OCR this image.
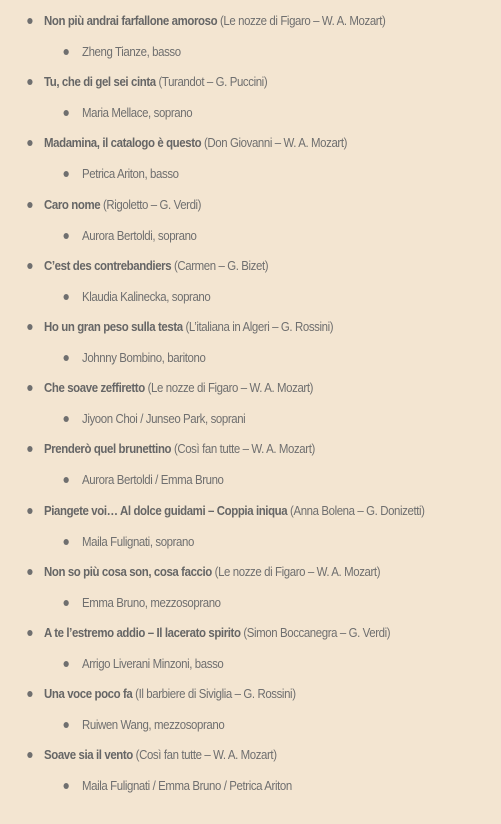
Non più andrai farfallone amoroso (Le nozze di Figaro – W. A. Mozart)
Zheng Tianze, basso
Tu, che di gel sei cinta (Turandot – G. Puccini)
Maria Mellace, soprano
Madamina, il catalogo è questo (Don Giovanni – W. A. Mozart)
Petrica Ariton, basso
Caro nome (Rigoletto – G. Verdi)
Aurora Bertoldi, soprano
C’est des contrebandiers (Carmen – G. Bizet)
Klaudia Kalinecka, soprano
Ho un gran peso sulla testa (L’italiana in Algeri – G. Rossini)
Johnny Bombino, baritono
Che soave zeffiretto (Le nozze di Figaro – W. A. Mozart)
Jiyoon Choi / Junseo Park, soprani
Prenderò quel brunettino (Così fan tutte – W. A. Mozart)
Aurora Bertoldi / Emma Bruno
Piangete voi… Al dolce guidami – Coppia iniqua (Anna Bolena – G. Donizetti)
Maila Fulignati, soprano
Non so più cosa son, cosa faccio (Le nozze di Figaro – W. A. Mozart)
Emma Bruno, mezzosoprano
A te l’estremo addio – Il lacerato spirito (Simon Boccanegra – G. Verdi)
Arrigo Liverani Minzoni, basso
Una voce poco fa (Il barbiere di Siviglia – G. Rossini)
Ruiwen Wang, mezzosoprano
Soave sia il vento (Così fan tutte – W. A. Mozart)
Maila Fulignati / Emma Bruno / Petrica Ariton
